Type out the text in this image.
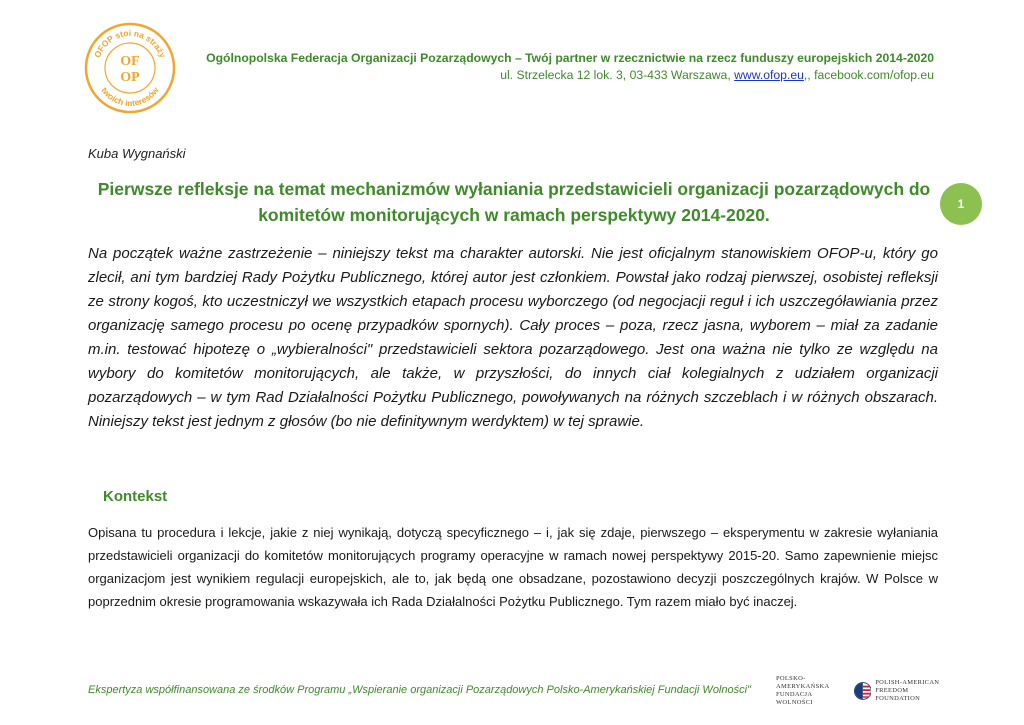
OFOP stoi na straży
twoich interesów
OF
OP
Ogólnopolska Federacja Organizacji Pozarządowych – Twój partner w rzecznictwie na rzecz funduszy europejskich 2014-2020
ul. Strzelecka 12 lok. 3, 03-433 Warszawa, www.ofop.eu,, facebook.com/ofop.eu
Kuba Wygnański
Pierwsze refleksje na temat mechanizmów wyłaniania przedstawicieli organizacji pozarządowych do komitetów monitorujących w ramach perspektywy 2014-2020.
1

Na początek ważne zastrzeżenie – niniejszy tekst ma charakter autorski. Nie jest oficjalnym stanowiskiem OFOP-u, który go zlecił, ani tym bardziej Rady Pożytku Publicznego, której autor jest członkiem. Powstał jako rodzaj pierwszej, osobistej refleksji ze strony kogoś, kto uczestniczył we wszystkich etapach procesu wyborczego (od negocjacji reguł i ich uszczegóławiania przez organizację samego procesu po ocenę przypadków spornych). Cały proces – poza, rzecz jasna, wyborem – miał za zadanie m.in. testować hipotezę o „wybieralności" przedstawicieli sektora pozarządowego. Jest ona ważna nie tylko ze względu na wybory do komitetów monitorujących, ale także, w przyszłości, do innych ciał kolegialnych z udziałem organizacji pozarządowych – w tym Rad Działalności Pożytku Publicznego, powoływanych na różnych szczeblach i w różnych obszarach. Niniejszy tekst jest jednym z głosów (bo nie definitywnym werdyktem) w tej sprawie.

Kontekst

Opisana tu procedura i lekcje, jakie z niej wynikają, dotyczą specyficznego – i, jak się zdaje, pierwszego – eksperymentu w zakresie wyłaniania przedstawicieli organizacji do komitetów monitorujących programy operacyjne w ramach nowej perspektywy 2015-20. Samo zapewnienie miejsc organizacjom jest wynikiem regulacji europejskich, ale to, jak będą one obsadzane, pozostawiono decyzji poszczególnych krajów. W Polsce w poprzednim okresie programowania wskazywała ich Rada Działalności Pożytku Publicznego. Tym razem miało być inaczej.

Ekspertyza współfinansowana ze środków Programu „Wspieranie organizacji Pozarządowych Polsko-Amerykańskiej Fundacji Wolności"
POLSKO-AMERYKAŃSKA
FUNDACJA WOLNOŚCI
POLISH-AMERICAN
FREEDOM FOUNDATION
